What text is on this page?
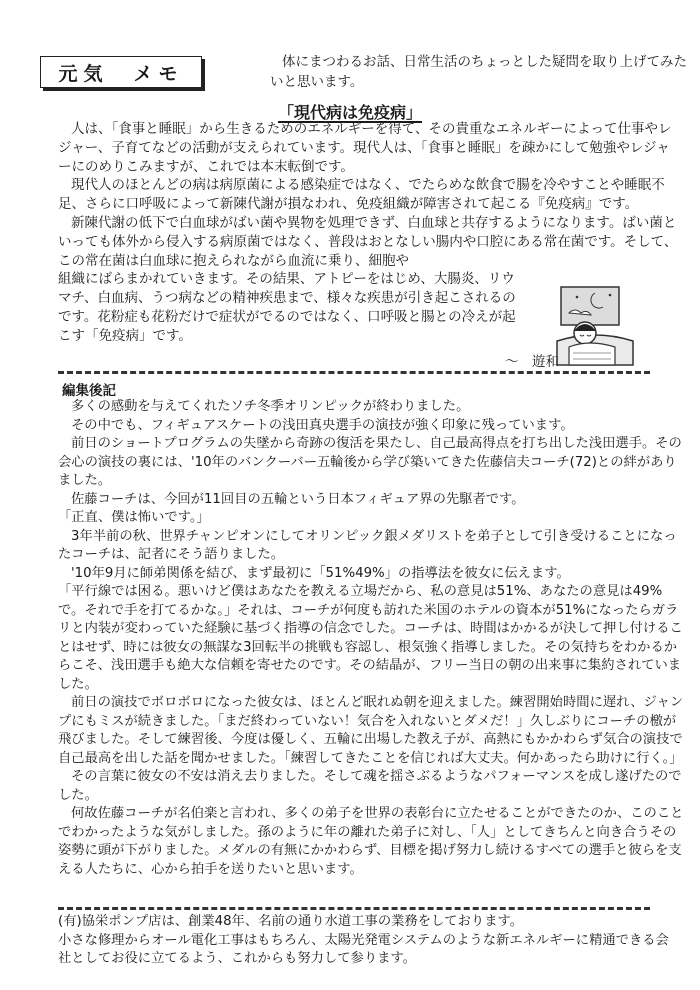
元気　メモ
体にまつわるお話、日常生活のちょっとした疑問を取り上げてみたいと思います。
「現代病は免疫病」

人は、「食事と睡眠」から生きるためのエネルギーを得て、その貴重なエネルギーによって仕事やレジャー、子育てなどの活動が支えられています。現代人は、「食事と睡眠」を疎かにして勉強やレジャーにのめりこみますが、これでは本末転倒です。

現代人のほとんどの病は病原菌による感染症ではなく、でたらめな飲食で腸を冷やすことや睡眠不足、さらに口呼吸によって新陳代謝が損なわれ、免疫組織が障害されて起こる『免疫病』です。

新陳代謝の低下で白血球がばい菌や異物を処理できず、白血球と共存するようになります。ばい菌といっても体外から侵入する病原菌ではなく、普段はおとなしい腸内や口腔にある常在菌です。そして、この常在菌は白血球に抱えられながら血流に乗り、細胞や

組織にばらまかれていきます。その結果、アトピーをはじめ、大腸炎、リウマチ、白血病、うつ病などの精神疾患まで、様々な疾患が引き起こされるのです。花粉症も花粉だけで症状がでるのではなく、口呼吸と腸との冷えが起こす「免疫病」です。

～　遊和
編集後記

多くの感動を与えてくれたソチ冬季オリンピックが終わりました。

その中でも、フィギュアスケートの浅田真央選手の演技が強く印象に残っています。

前日のショートプログラムの失墜から奇跡の復活を果たし、自己最高得点を打ち出した浅田選手。その会心の演技の裏には、'10年のバンクーバー五輪後から学び築いてきた佐藤信夫コーチ(72)との絆がありました。

佐藤コーチは、今回が11回目の五輪という日本フィギュア界の先駆者です。

「正直、僕は怖いです。」

3年半前の秋、世界チャンピオンにしてオリンピック銀メダリストを弟子として引き受けることになったコーチは、記者にそう語りました。

'10年9月に師弟関係を結び、まず最初に「51%49%」の指導法を彼女に伝えます。

「平行線では困る。悪いけど僕はあなたを教える立場だから、私の意見は51%、あなたの意見は49%で。それで手を打てるかな。」それは、コーチが何度も訪れた米国のホテルの資本が51%になったらガラリと内装が変わっていた経験に基づく指導の信念でした。コーチは、時間はかかるが決して押し付けることはせず、時には彼女の無謀な3回転半の挑戦も容認し、根気強く指導しました。その気持ちをわかるからこそ、浅田選手も絶大な信頼を寄せたのです。その結晶が、フリー当日の朝の出来事に集約されていました。

前日の演技でボロボロになった彼女は、ほとんど眠れぬ朝を迎えました。練習開始時間に遅れ、ジャンプにもミスが続きました。「まだ終わっていない！気合を入れないとダメだ！」久しぶりにコーチの檄が飛びました。そして練習後、今度は優しく、五輪に出場した教え子が、高熱にもかかわらず気合の演技で自己最高を出した話を聞かせました。「練習してきたことを信じれば大丈夫。何かあったら助けに行く。」

その言葉に彼女の不安は消え去りました。そして魂を揺さぶるようなパフォーマンスを成し遂げたのでした。

何故佐藤コーチが名伯楽と言われ、多くの弟子を世界の表彰台に立たせることができたのか、このことでわかったような気がしました。孫のように年の離れた弟子に対し、「人」としてきちんと向き合うその姿勢に頭が下がりました。メダルの有無にかかわらず、目標を掲げ努力し続けるすべての選手と彼らを支える人たちに、心から拍手を送りたいと思います。

(有)協栄ポンプ店は、創業48年、名前の通り水道工事の業務をしております。

小さな修理からオール電化工事はもちろん、太陽光発電システムのような新エネルギーに精通できる会社としてお役に立てるよう、これからも努力して参ります。
